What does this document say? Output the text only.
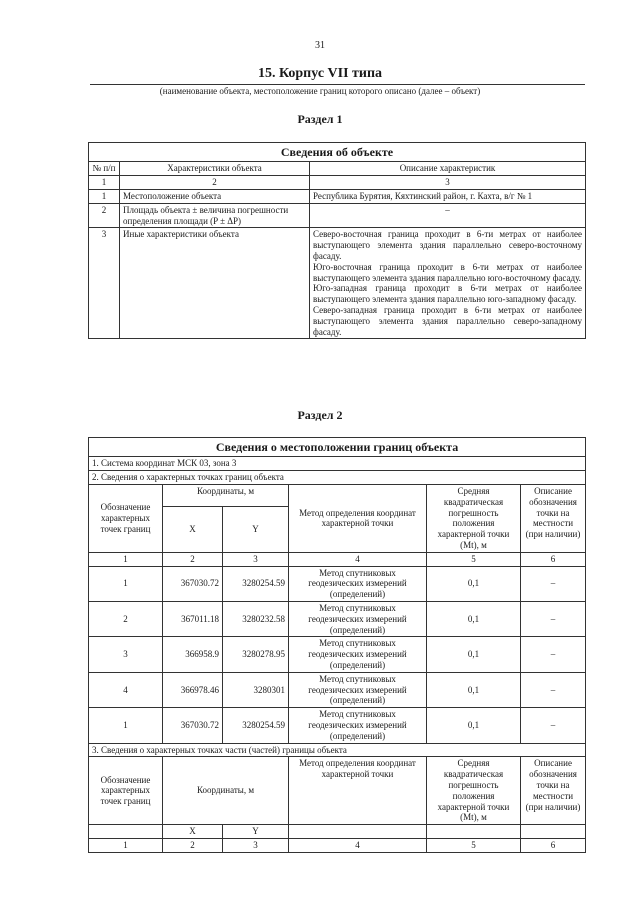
31
15. Корпус VII типа
(наименование объекта, местоположение границ которого описано (далее – объект)
Раздел 1
Сведения об объекте		
№ п/п	Характеристики объекта	Описание характеристик
1	2	3
1	Местоположение объекта	Республика Бурятия, Кяхтинский район, г. Кахта, в/г № 1
2	Площадь объекта ± величина погрешности определения площади (P ± ΔP)	–
3	Иные характеристики объекта	Северо-восточная граница проходит в 6-ти метрах от наиболее выступающего элемента здания параллельно северо-восточному фасаду.
Юго-восточная граница проходит в 6-ти метрах от наиболее выступающего элемента здания параллельно юго-восточному фасаду.
Юго-западная граница проходит в 6-ти метрах от наиболее выступающего элемента здания параллельно юго-западному фасаду.
Северо-западная граница проходит в 6-ти метрах от наиболее выступающего элемента здания параллельно северо-западному фасаду.
Раздел 2
Сведения о местоположении границ объекта					
1. Система координат МСК 03, зона 3					
2. Сведения о характерных точках границ объекта					
Обозначение характерных точек границ	Координаты, м		Метод определения координат характерной точки	Средняя квадратическая погрешность положения характерной точки (Mt), м	Описание обозначения точки на местности (при наличии)
	X	Y			
1	2	3	4	5	6
1	367030.72	3280254.59	Метод спутниковых геодезических измерений (определений)	0,1	–
2	367011.18	3280232.58	Метод спутниковых геодезических измерений (определений)	0,1	–
3	366958.9	3280278.95	Метод спутниковых геодезических измерений (определений)	0,1	–
4	366978.46	3280301	Метод спутниковых геодезических измерений (определений)	0,1	–
1	367030.72	3280254.59	Метод спутниковых геодезических измерений (определений)	0,1	–
3. Сведения о характерных точках части (частей) границы объекта					
Обозначение характерных точек границ	Координаты, м		Метод определения координат характерной точки	Средняя квадратическая погрешность положения характерной точки (Mt), м	Описание обозначения точки на местности (при наличии)

	X	Y			
1	2	3	4	5	6
